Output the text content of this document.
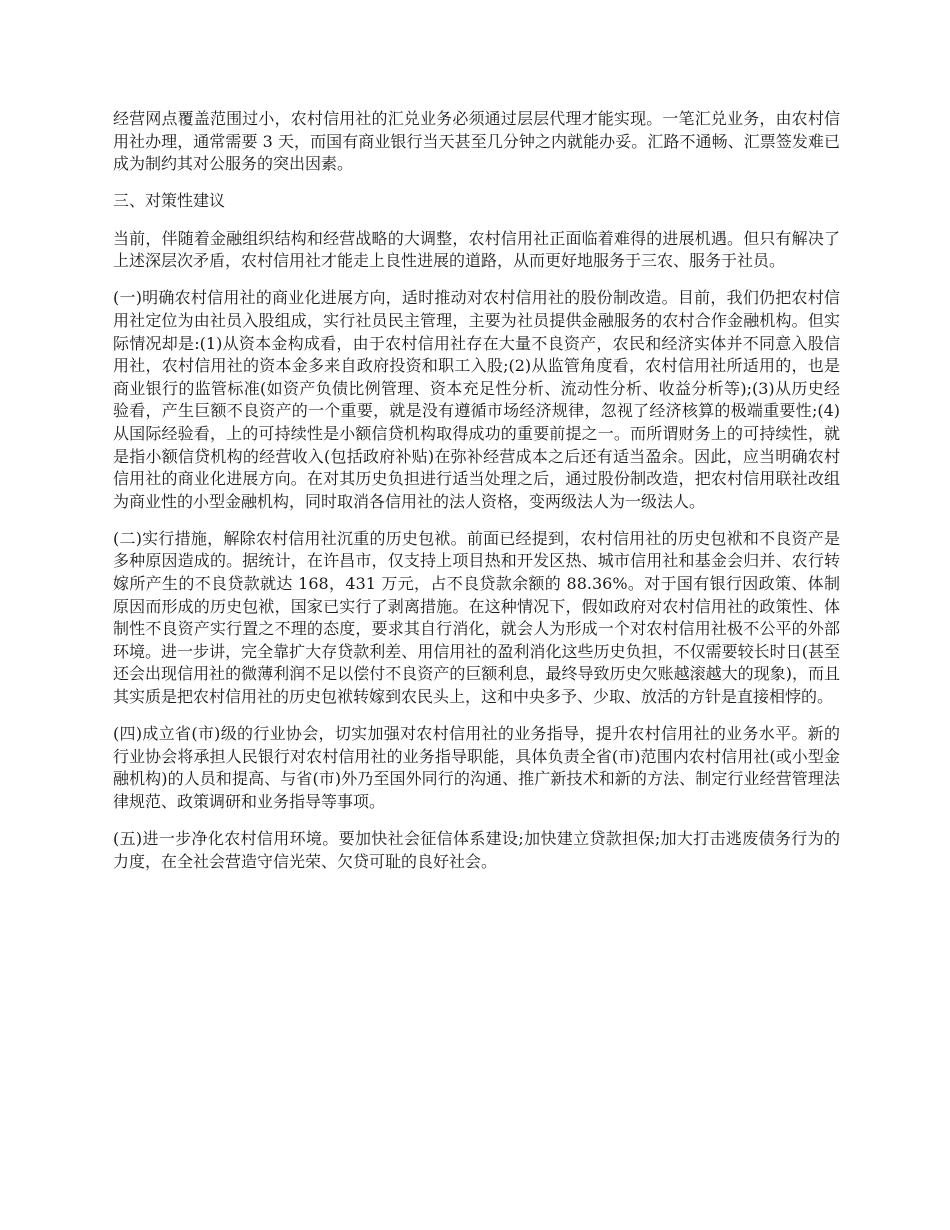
经营网点覆盖范围过小，农村信用社的汇兑业务必须通过层层代理才能实现。一笔汇兑业务，由农村信用社办理，通常需要 3 天，而国有商业银行当天甚至几分钟之内就能办妥。汇路不通畅、汇票签发难已成为制约其对公服务的突出因素。

三、对策性建议

当前，伴随着金融组织结构和经营战略的大调整，农村信用社正面临着难得的进展机遇。但只有解决了上述深层次矛盾，农村信用社才能走上良性进展的道路，从而更好地服务于三农、服务于社员。

(一)明确农村信用社的商业化进展方向，适时推动对农村信用社的股份制改造。目前，我们仍把农村信用社定位为由社员入股组成，实行社员民主管理，主要为社员提供金融服务的农村合作金融机构。但实际情况却是:(1)从资本金构成看，由于农村信用社存在大量不良资产，农民和经济实体并不同意入股信用社，农村信用社的资本金多来自政府投资和职工入股;(2)从监管角度看，农村信用社所适用的，也是商业银行的监管标准(如资产负债比例管理、资本充足性分析、流动性分析、收益分析等);(3)从历史经验看，产生巨额不良资产的一个重要，就是没有遵循市场经济规律，忽视了经济核算的极端重要性;(4)从国际经验看，上的可持续性是小额信贷机构取得成功的重要前提之一。而所谓财务上的可持续性，就是指小额信贷机构的经营收入(包括政府补贴)在弥补经营成本之后还有适当盈余。因此，应当明确农村信用社的商业化进展方向。在对其历史负担进行适当处理之后，通过股份制改造，把农村信用联社改组为商业性的小型金融机构，同时取消各信用社的法人资格，变两级法人为一级法人。

(二)实行措施，解除农村信用社沉重的历史包袱。前面已经提到，农村信用社的历史包袱和不良资产是多种原因造成的。据统计，在许昌市，仅支持上项目热和开发区热、城市信用社和基金会归并、农行转嫁所产生的不良贷款就达 168，431 万元，占不良贷款余额的 88.36%。对于国有银行因政策、体制原因而形成的历史包袱，国家已实行了剥离措施。在这种情况下，假如政府对农村信用社的政策性、体制性不良资产实行置之不理的态度，要求其自行消化，就会人为形成一个对农村信用社极不公平的外部环境。进一步讲，完全靠扩大存贷款利差、用信用社的盈利消化这些历史负担，不仅需要较长时日(甚至还会出现信用社的微薄利润不足以偿付不良资产的巨额利息，最终导致历史欠账越滚越大的现象)，而且其实质是把农村信用社的历史包袱转嫁到农民头上，这和中央多予、少取、放活的方针是直接相悖的。

(四)成立省(市)级的行业协会，切实加强对农村信用社的业务指导，提升农村信用社的业务水平。新的行业协会将承担人民银行对农村信用社的业务指导职能，具体负责全省(市)范围内农村信用社(或小型金融机构)的人员和提高、与省(市)外乃至国外同行的沟通、推广新技术和新的方法、制定行业经营管理法律规范、政策调研和业务指导等事项。

(五)进一步净化农村信用环境。要加快社会征信体系建设;加快建立贷款担保;加大打击逃废债务行为的力度，在全社会营造守信光荣、欠贷可耻的良好社会。
